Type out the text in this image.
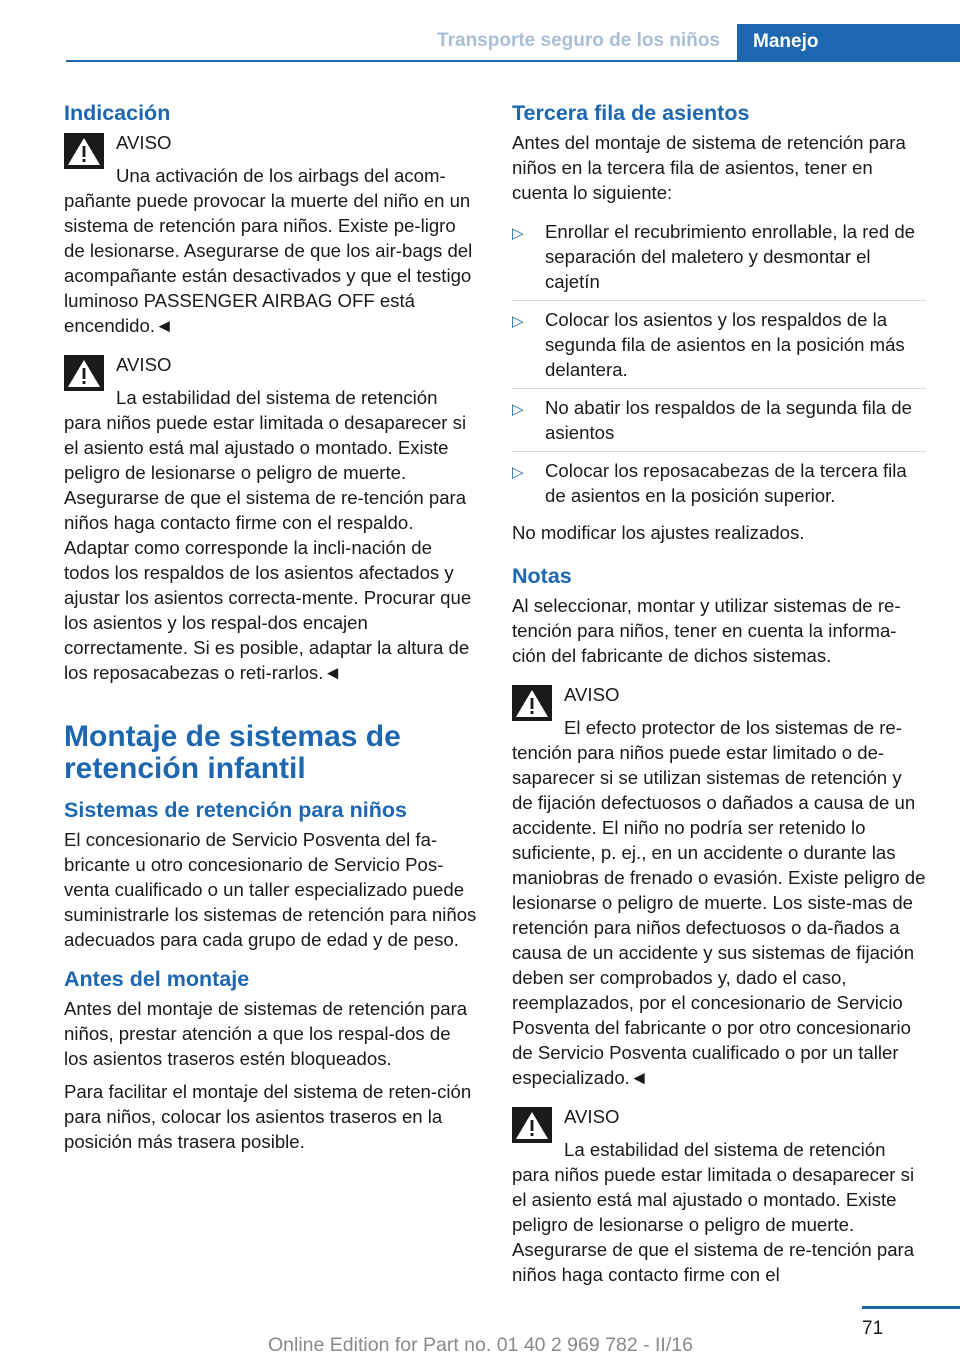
Transporte seguro de los niños	Manejo
Indicación

AVISO

Una activación de los airbags del acom-pañante puede provocar la muerte del niño en un sistema de retención para niños. Existe pe-ligro de lesionarse. Asegurarse de que los air-bags del acompañante están desactivados y que el testigo luminoso PASSENGER AIRBAG OFF está encendido.◄

AVISO

La estabilidad del sistema de retención para niños puede estar limitada o desaparecer si el asiento está mal ajustado o montado. Existe peligro de lesionarse o peligro de muerte. Asegurarse de que el sistema de re-tención para niños haga contacto firme con el respaldo. Adaptar como corresponde la incli-nación de todos los respaldos de los asientos afectados y ajustar los asientos correcta-mente. Procurar que los asientos y los respal-dos encajen correctamente. Si es posible, adaptar la altura de los reposacabezas o reti-rarlos.◄

Montaje de sistemas de retención infantil
Sistemas de retención para niños

El concesionario de Servicio Posventa del fa-bricante u otro concesionario de Servicio Pos-venta cualificado o un taller especializado puede suministrarle los sistemas de retención para niños adecuados para cada grupo de edad y de peso.

Antes del montaje

Antes del montaje de sistemas de retención para niños, prestar atención a que los respal-dos de los asientos traseros estén bloqueados.

Para facilitar el montaje del sistema de reten-ción para niños, colocar los asientos traseros en la posición más trasera posible.

Tercera fila de asientos

Antes del montaje de sistema de retención para niños en la tercera fila de asientos, tener en cuenta lo siguiente:

▷ Enrollar el recubrimiento enrollable, la red de separación del maletero y desmontar el cajetín
▷ Colocar los asientos y los respaldos de la segunda fila de asientos en la posición más delantera.
▷ No abatir los respaldos de la segunda fila de asientos
▷ Colocar los reposacabezas de la tercera fila de asientos en la posición superior.

No modificar los ajustes realizados.

Notas

Al seleccionar, montar y utilizar sistemas de re-tención para niños, tener en cuenta la informa-ción del fabricante de dichos sistemas.

AVISO

El efecto protector de los sistemas de re-tención para niños puede estar limitado o de-saparecer si se utilizan sistemas de retención y de fijación defectuosos o dañados a causa de un accidente. El niño no podría ser retenido lo suficiente, p. ej., en un accidente o durante las maniobras de frenado o evasión. Existe peligro de lesionarse o peligro de muerte. Los siste-mas de retención para niños defectuosos o da-ñados a causa de un accidente y sus sistemas de fijación deben ser comprobados y, dado el caso, reemplazados, por el concesionario de Servicio Posventa del fabricante o por otro concesionario de Servicio Posventa cualificado o por un taller especializado.◄

AVISO

La estabilidad del sistema de retención para niños puede estar limitada o desaparecer si el asiento está mal ajustado o montado. Existe peligro de lesionarse o peligro de muerte. Asegurarse de que el sistema de re-tención para niños haga contacto firme con el

71
Online Edition for Part no. 01 40 2 969 782 - II/16
